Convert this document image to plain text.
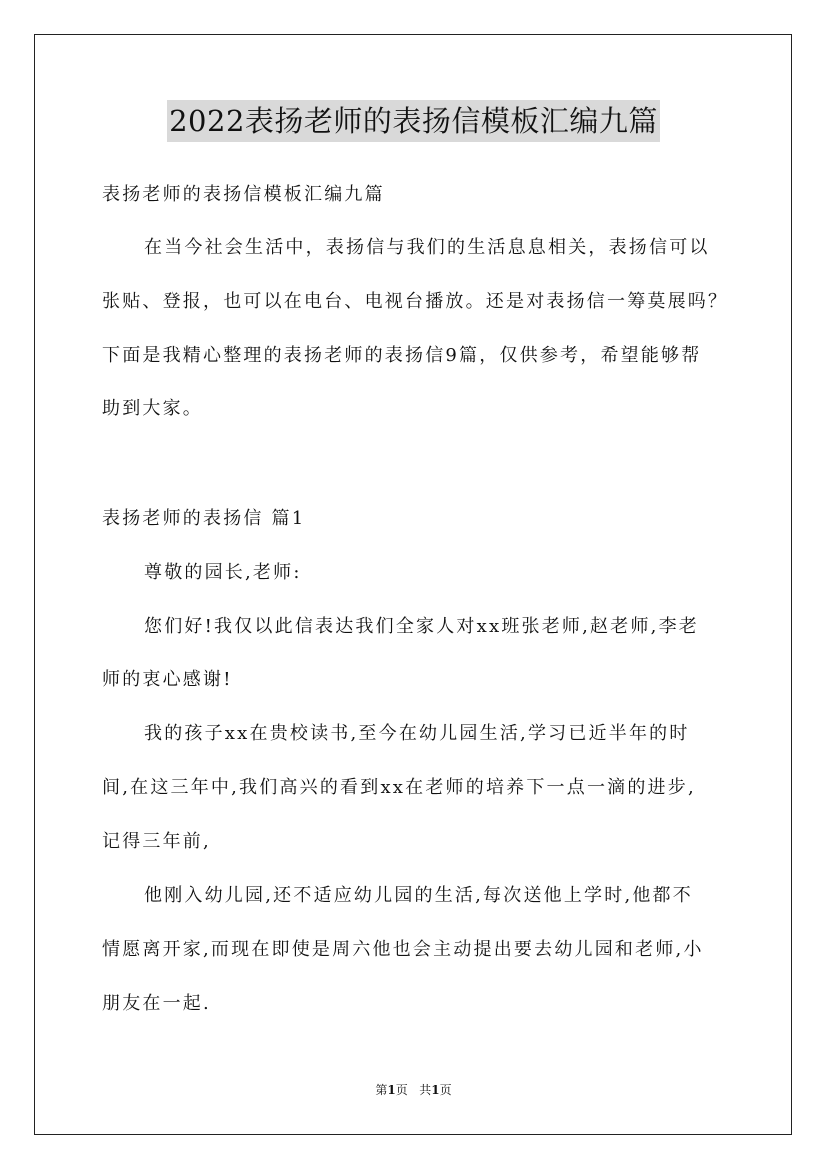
2022表扬老师的表扬信模板汇编九篇
表扬老师的表扬信模板汇编九篇
在当今社会生活中，表扬信与我们的生活息息相关，表扬信可以
张贴、登报，也可以在电台、电视台播放。还是对表扬信一筹莫展吗？
下面是我精心整理的表扬老师的表扬信9篇，仅供参考，希望能够帮
助到大家。
表扬老师的表扬信 篇1
尊敬的园长,老师:
您们好!我仅以此信表达我们全家人对xx班张老师,赵老师,李老
师的衷心感谢!
我的孩子xx在贵校读书,至今在幼儿园生活,学习已近半年的时
间,在这三年中,我们高兴的看到xx在老师的培养下一点一滴的进步,
记得三年前,
他刚入幼儿园,还不适应幼儿园的生活,每次送他上学时,他都不
情愿离开家,而现在即使是周六他也会主动提出要去幼儿园和老师,小
朋友在一起.
第1页 共1页
